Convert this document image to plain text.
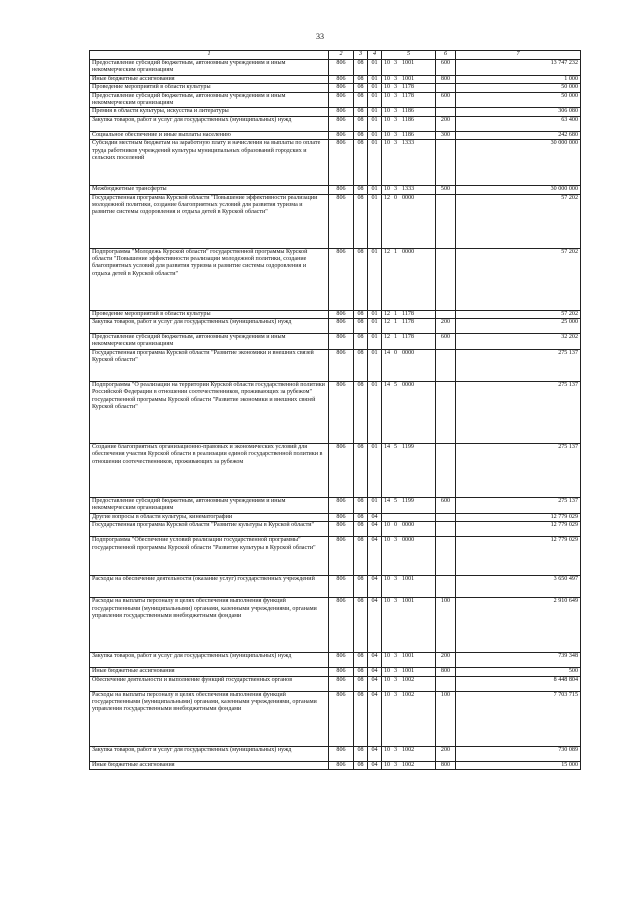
33
1	2	3	4	5	6	7
Предоставление субсидий бюджетным, автономным учреждениям и иным некоммерческим организациям	806	08	01	10 3 1001	600	13 747 232
Иные бюджетные ассигнования	806	08	01	10 3 1001	800	1 000
Проведение мероприятий в области культуры	806	08	01	10 3 1178		50 000
Предоставление субсидий бюджетным, автономным учреждениям и иным некоммерческим организациям	806	08	01	10 3 1178	600	50 000
Премия в области культуры, искусства и литературы	806	08	01	10 3 1186		306 080
Закупка товаров, работ и услуг для государственных (муниципальных) нужд	806	08	01	10 3 1186	200	63 400
Социальное обеспечение и иные выплаты населению	806	08	01	10 3 1186	300	242 680
Субсидии местным бюджетам на заработную плату и начисления на выплаты по оплате труда работников учреждений культуры муниципальных образований городских и сельских поселений	806	08	01	10 3 1333		30 000 000
Межбюджетные трансферты	806	08	01	10 3 1333	500	30 000 000
Государственная программа Курской области "Повышение эффективности реализации молодежной политики, создание благоприятных условий для развития туризма и развитие системы оздоровления и отдыха детей в Курской области"	806	08	01	12 0 0000		57 202
Подпрограмма "Молодежь Курской области" государственной программы Курской области "Повышение эффективности реализации молодежной политики, создание благоприятных условий для развития туризма и развитие системы оздоровления и отдыха детей в Курской области"	806	08	01	12 1 0000		57 202
Проведение мероприятий в области культуры	806	08	01	12 1 1178		57 202
Закупка товаров, работ и услуг для государственных (муниципальных) нужд	806	08	01	12 1 1178	200	25 000
Предоставление субсидий бюджетным, автономным учреждениям и иным некоммерческим организациям	806	08	01	12 1 1178	600	32 202
Государственная программа Курской области "Развитие экономики и внешних связей Курской области"	806	08	01	14 0 0000		275 137
Подпрограмма "О реализации на территории Курской области государственной политики Российской Федерации в отношении соотечественников, проживающих за рубежом" государственной программы Курской области "Развитие экономики и внешних связей Курской области"	806	08	01	14 5 0000		275 137
Создание благоприятных организационно-правовых и экономических условий для обеспечения участия Курской области в реализации единой государственной политики в отношении соотечественников, проживающих за рубежом	806	08	01	14 5 1199		275 137
Предоставление субсидий бюджетным, автономным учреждениям и иным некоммерческим организациям	806	08	01	14 5 1199	600	275 137
Другие вопросы в области культуры, кинематографии	806	08	04			12 779 029
Государственная программа Курской области "Развитие культуры в Курской области"	806	08	04	10 0 0000		12 779 029
Подпрограмма "Обеспечение условий реализации государственной программы" государственной программы Курской области "Развитие культуры в Курской области"	806	08	04	10 3 0000		12 779 029
Расходы на обеспечение деятельности (оказание услуг) государственных учреждений	806	08	04	10 3 1001		3 650 497
Расходы на выплаты персоналу в целях обеспечения выполнения функций государственными (муниципальными) органами, казенными учреждениями, органами управления государственными внебюджетными фондами	806	08	04	10 3 1001	100	2 910 649
Закупка товаров, работ и услуг для государственных (муниципальных) нужд	806	08	04	10 3 1001	200	739 348
Иные бюджетные ассигнования	806	08	04	10 3 1001	800	500
Обеспечение деятельности и выполнение функций государственных органов	806	08	04	10 3 1002		8 448 804
Расходы на выплаты персоналу в целях обеспечения выполнения функций государственными (муниципальными) органами, казенными учреждениями, органами управления государственными внебюджетными фондами	806	08	04	10 3 1002	100	7 703 715
Закупка товаров, работ и услуг для государственных (муниципальных) нужд	806	08	04	10 3 1002	200	730 089
Иные бюджетные ассигнования	806	08	04	10 3 1002	800	15 000
